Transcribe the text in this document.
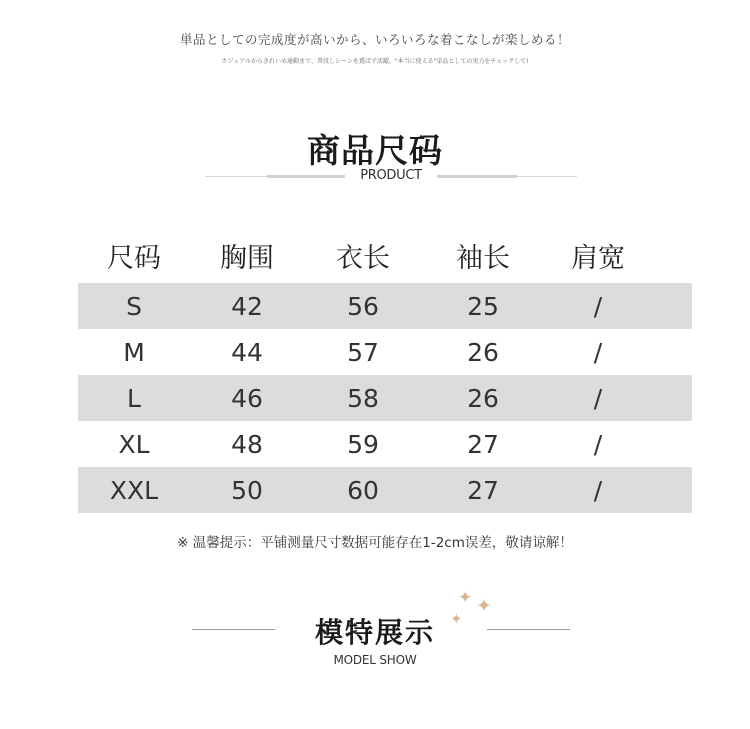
単品としての完成度が高いから、いろいろな着こなしが楽しめる！
カジュアルからきれいめ通勤まで、普段しシーンを選ばず活躍。"本当に使える"単品としての実力をチェックして!
商品尺码
PRODUCT
尺码	胸围	衣长	袖长	肩宽
S	42	56	25	/
M	44	57	26	/
L	46	58	26	/
XL	48	59	27	/
XXL	50	60	27	/
※ 温馨提示：平铺测量尺寸数据可能存在1-2cm误差，敬请谅解！
模特展示
MODEL SHOW
✦ ✦
✦
